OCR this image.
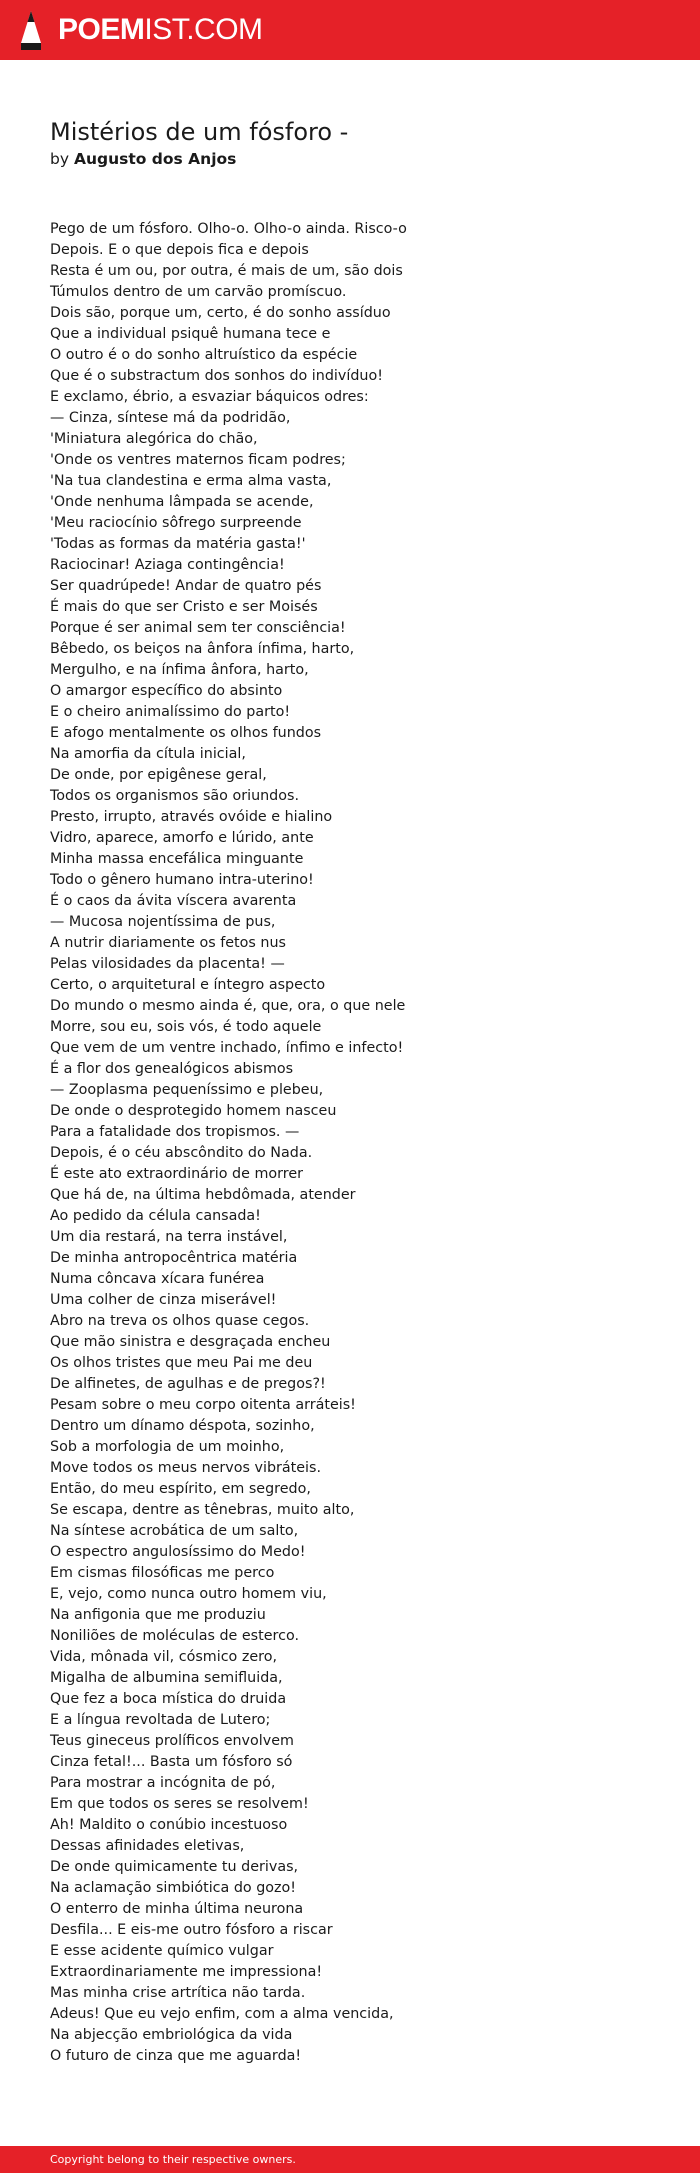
POEMIST.COM
Mistérios de um fósforo -
by Augusto dos Anjos
Pego de um fósforo. Olho-o. Olho-o ainda. Risco-o
Depois. E o que depois fica e depois
Resta é um ou, por outra, é mais de um, são dois
Túmulos dentro de um carvão promíscuo.
Dois são, porque um, certo, é do sonho assíduo
Que a individual psiquê humana tece e
O outro é o do sonho altruístico da espécie
Que é o substractum dos sonhos do indivíduo!
E exclamo, ébrio, a esvaziar báquicos odres:
— Cinza, síntese má da podridão,
'Miniatura alegórica do chão,
'Onde os ventres maternos ficam podres;
'Na tua clandestina e erma alma vasta,
'Onde nenhuma lâmpada se acende,
'Meu raciocínio sôfrego surpreende
'Todas as formas da matéria gasta!'
Raciocinar! Aziaga contingência!
Ser quadrúpede! Andar de quatro pés
É mais do que ser Cristo e ser Moisés
Porque é ser animal sem ter consciência!
Bêbedo, os beiços na ânfora ínfima, harto,
Mergulho, e na ínfima ânfora, harto,
O amargor específico do absinto
E o cheiro animalíssimo do parto!
E afogo mentalmente os olhos fundos
Na amorfia da cítula inicial,
De onde, por epigênese geral,
Todos os organismos são oriundos.
Presto, irrupto, através ovóide e hialino
Vidro, aparece, amorfo e lúrido, ante
Minha massa encefálica minguante
Todo o gênero humano intra-uterino!
É o caos da ávita víscera avarenta
— Mucosa nojentíssima de pus,
A nutrir diariamente os fetos nus
Pelas vilosidades da placenta! —
Certo, o arquitetural e íntegro aspecto
Do mundo o mesmo ainda é, que, ora, o que nele
Morre, sou eu, sois vós, é todo aquele
Que vem de um ventre inchado, ínfimo e infecto!
É a flor dos genealógicos abismos
— Zooplasma pequeníssimo e plebeu,
De onde o desprotegido homem nasceu
Para a fatalidade dos tropismos. —
Depois, é o céu abscôndito do Nada.
É este ato extraordinário de morrer
Que há de, na última hebdômada, atender
Ao pedido da célula cansada!
Um dia restará, na terra instável,
De minha antropocêntrica matéria
Numa côncava xícara funérea
Uma colher de cinza miserável!
Abro na treva os olhos quase cegos.
Que mão sinistra e desgraçada encheu
Os olhos tristes que meu Pai me deu
De alfinetes, de agulhas e de pregos?!
Pesam sobre o meu corpo oitenta arráteis!
Dentro um dínamo déspota, sozinho,
Sob a morfologia de um moinho,
Move todos os meus nervos vibráteis.
Então, do meu espírito, em segredo,
Se escapa, dentre as tênebras, muito alto,
Na síntese acrobática de um salto,
O espectro angulosíssimo do Medo!
Em cismas filosóficas me perco
E, vejo, como nunca outro homem viu,
Na anfigonia que me produziu
Noniliões de moléculas de esterco.
Vida, mônada vil, cósmico zero,
Migalha de albumina semifluida,
Que fez a boca mística do druida
E a língua revoltada de Lutero;
Teus gineceus prolíficos envolvem
Cinza fetal!... Basta um fósforo só
Para mostrar a incógnita de pó,
Em que todos os seres se resolvem!
Ah! Maldito o conúbio incestuoso
Dessas afinidades eletivas,
De onde quimicamente tu derivas,
Na aclamação simbiótica do gozo!
O enterro de minha última neurona
Desfila... E eis-me outro fósforo a riscar
E esse acidente químico vulgar
Extraordinariamente me impressiona!
Mas minha crise artrítica não tarda.
Adeus! Que eu vejo enfim, com a alma vencida,
Na abjecção embriológica da vida
O futuro de cinza que me aguarda!
Copyright belong to their respective owners.
